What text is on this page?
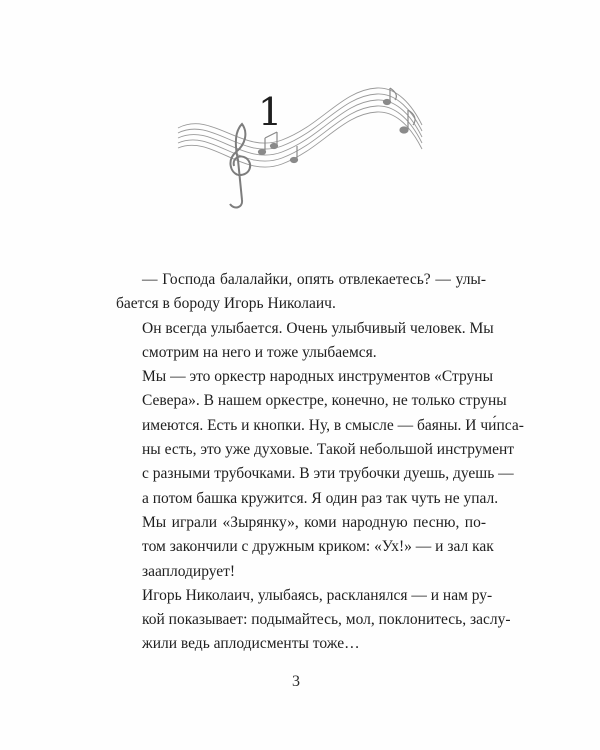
1

— Господа балалайки, опять отвлекаетесь? — улы-
бается в бороду Игорь Николаич.

Он всегда улыбается. Очень улыбчивый человек. Мы
смотрим на него и тоже улыбаемся.

Мы — это оркестр народных инструментов «Струны
Севера». В нашем оркестре, конечно, не только струны
имеются. Есть и кнопки. Ну, в смысле — баяны. И чи́пса-
ны есть, это уже духовые. Такой небольшой инструмент
с разными трубочками. В эти трубочки дуешь, дуешь —
а потом башка кружится. Я один раз так чуть не упал.

Мы играли «Зырянку», коми народную песню, по-
том закончили с дружным криком: «Ух!» — и зал как
зааплодирует!

Игорь Николаич, улыбаясь, раскланялся — и нам ру-
кой показывает: подымайтесь, мол, поклонитесь, заслу-
жили ведь аплодисменты тоже…

3
